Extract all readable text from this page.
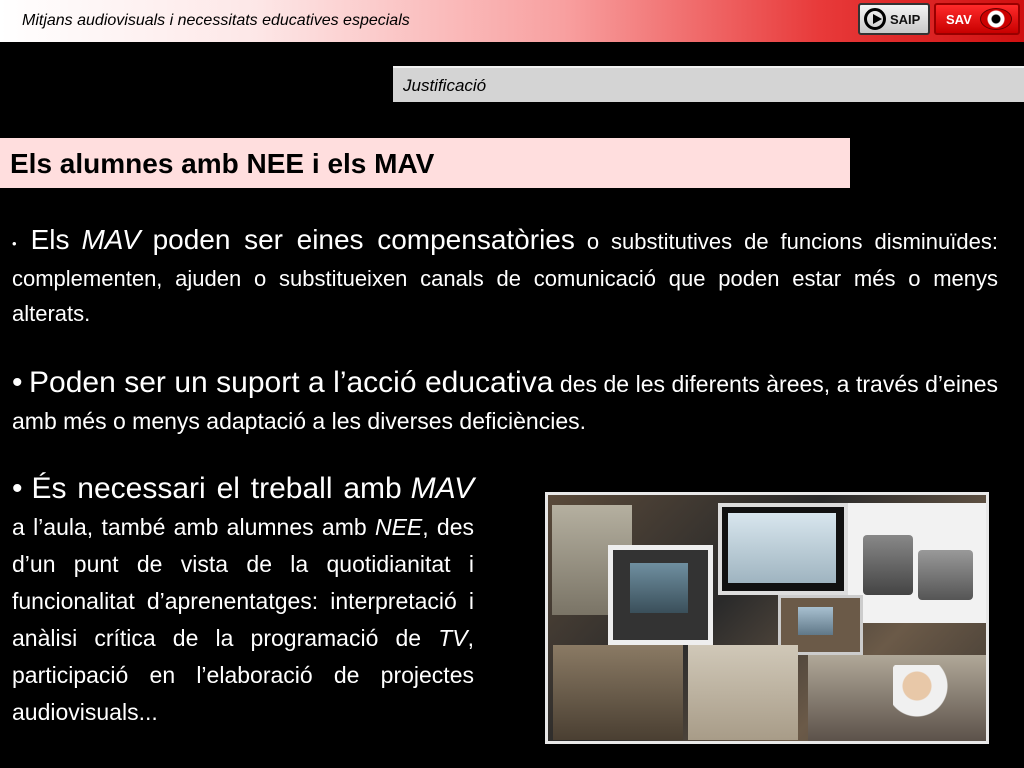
Mitjans audiovisuals i necessitats educatives especials	SAIP SAV
Justificació
Els alumnes amb NEE i els MAV

• Els MAV poden ser eines compensatòries o substitutives de funcions disminuïdes: complementen, ajuden o substitueixen canals de comunicació que poden estar més o menys alterats.

• Poden ser un suport a l’acció educativa des de les diferents àrees, a través d’eines amb més o menys adaptació a les diverses deficiències.

• És necessari el treball amb MAV a l’aula, també amb alumnes amb NEE, des d’un punt de vista de la quotidianitat i funcionalitat d’aprenentatges: interpretació i anàlisi crítica de la programació de TV, participació en l’elaboració de projectes audiovisuals...
